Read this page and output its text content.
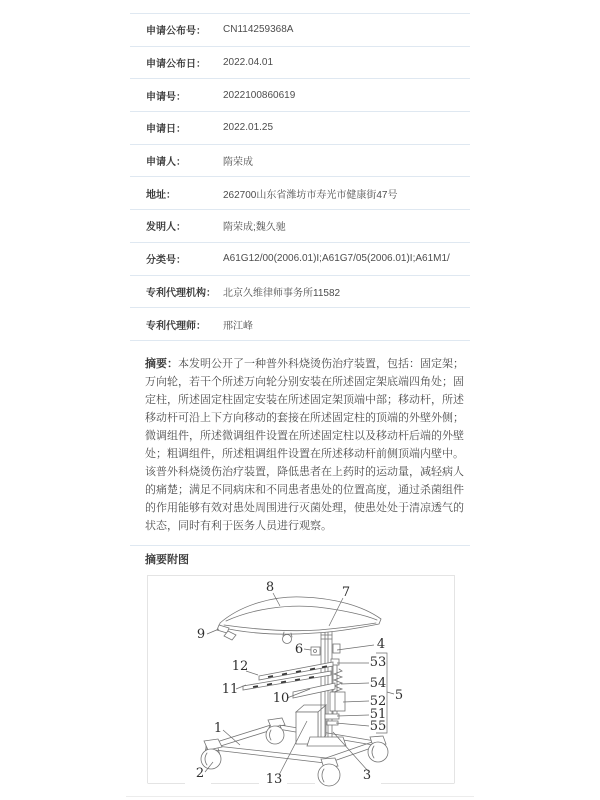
申请公布号：	CN114259368A
申请公布日：	2022.04.01
申请号：	2022100860619
申请日：	2022.01.25
申请人：	隋荣成
地址：	262700山东省潍坊市寿光市健康街47号
发明人：	隋荣成;魏久驰
分类号：	A61G12/00(2006.01)I;A61G7/05(2006.01)I;A61M1/
专利代理机构： 北京久维律师事务所11582
专利代理师：	邢江峰

摘要：本发明公开了一种普外科烧烫伤治疗装置，包括：固定架；万向轮，若干个所述万向轮分别安装在所述固定架底端四角处；固定柱，所述固定柱固定安装在所述固定架顶端中部；移动杆，所述移动杆可沿上下方向移动的套接在所述固定柱的顶端的外壁外侧；微调组件，所述微调组件设置在所述固定柱以及移动杆后端的外壁处；粗调组件，所述粗调组件设置在所述移动杆前侧顶端内壁中。该普外科烧烫伤治疗装置，降低患者在上药时的运动量，减轻病人的痛楚；满足不同病床和不同患者患处的位置高度，通过杀菌组件的作用能够有效对患处周围进行灭菌处理，使患处处于清凉透气的状态，同时有利于医务人员进行观察。

摘要附图
8	7
9
6	4
53
12
54
11
10	5
52
51
55
1
2	13	3
